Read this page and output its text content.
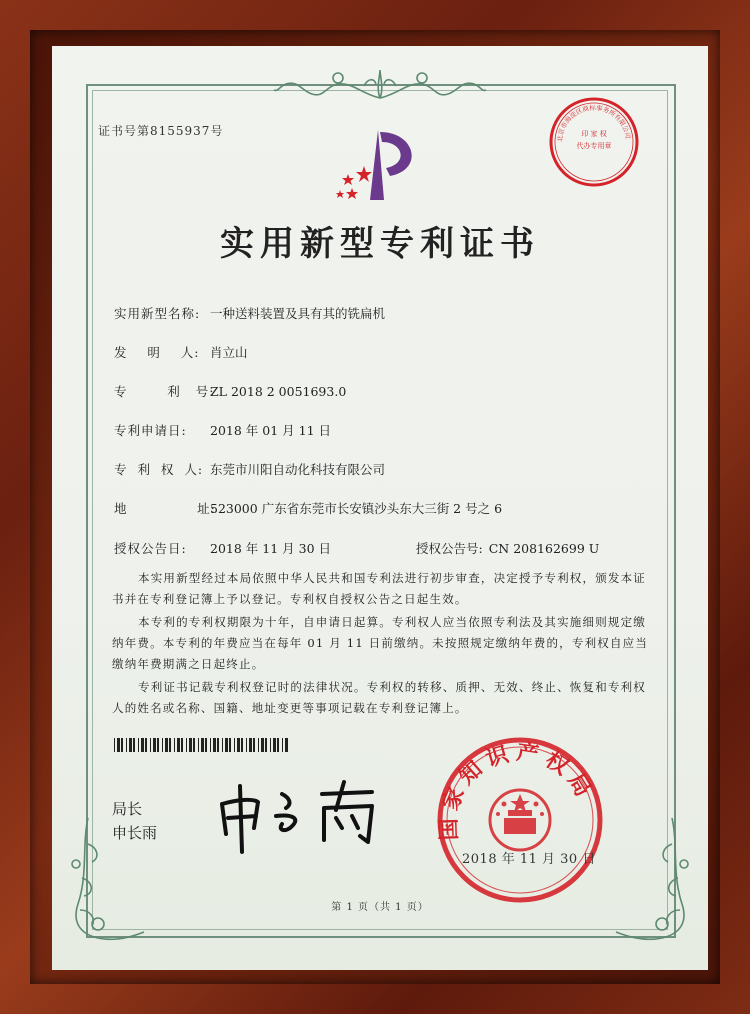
证书号第8155937号	印 家 权
代办专用章
北京市海淀区商标事务所有限公司
实用新型专利证书
实用新型名称: 一种送料装置及具有其的铣扁机
发    明    人: 肖立山
专        利   号:ZL 2018 2 0051693.0
专利申请日: 2018 年 01 月 11 日
专  利  权  人: 东莞市川阳自动化科技有限公司
地              址:523000 广东省东莞市长安镇沙头东大三街 2 号之 6
授权公告日: 2018 年 11 月 30 日	授权公告号: CN 208162699 U
本实用新型经过本局依照中华人民共和国专利法进行初步审查，决定授予专利权，颁发本证书并在专利登记簿上予以登记。专利权自授权公告之日起生效。
本专利的专利权期限为十年，自申请日起算。专利权人应当依照专利法及其实施细则规定缴纳年费。本专利的年费应当在每年 01 月 11 日前缴纳。未按照规定缴纳年费的，专利权自应当缴纳年费期满之日起终止。
专利证书记载专利权登记时的法律状况。专利权的转移、质押、无效、终止、恢复和专利权人的姓名或名称、国籍、地址变更等事项记载在专利登记簿上。
局长
申长雨	国家知识产权局
2018 年 11 月 30 日
第 1 页（共 1 页）
